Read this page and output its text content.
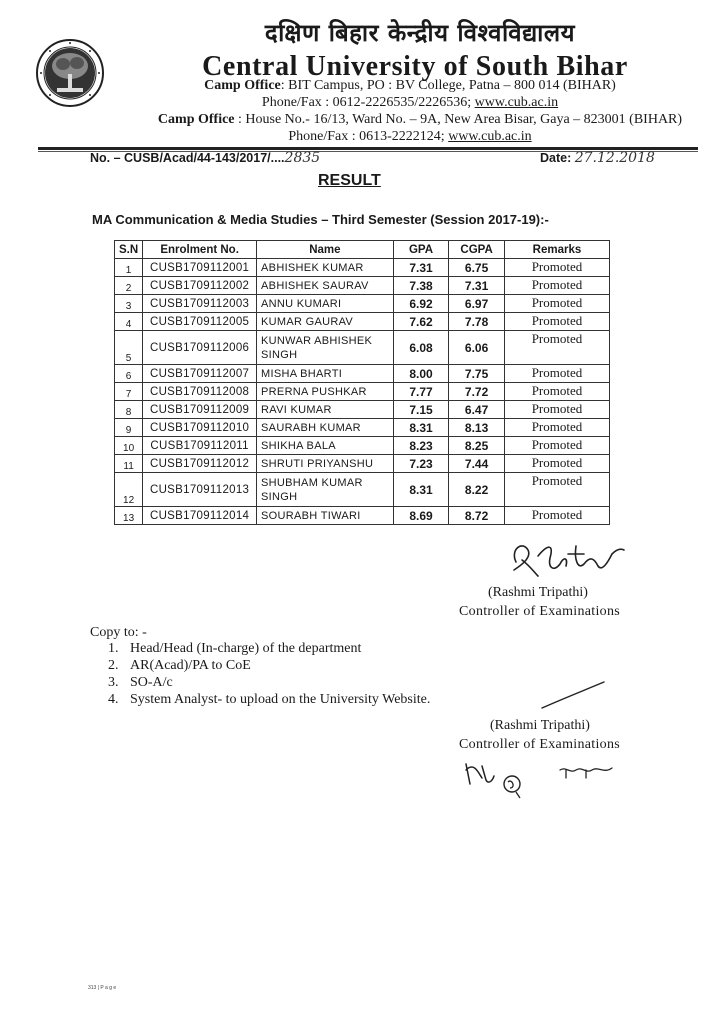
दक्षिण बिहार केन्द्रीय विश्वविद्यालय
Central University of South Bihar
Camp Office: BIT Campus, PO : BV College, Patna – 800 014 (BIHAR)
Phone/Fax : 0612-2226535/2226536; www.cub.ac.in
Camp Office : House No.- 16/13, Ward No. – 9A, New Area Bisar, Gaya – 823001 (BIHAR)
Phone/Fax : 0613-2222124; www.cub.ac.in
No. – CUSB/Acad/44-143/2017/....2835	Date: 27.12.2018
RESULT
MA Communication & Media Studies – Third Semester (Session 2017-19):-
S.N	Enrolment No.	Name	GPA	CGPA	Remarks
1	CUSB1709112001	ABHISHEK KUMAR	7.31	6.75	Promoted
2	CUSB1709112002	ABHISHEK SAURAV	7.38	7.31	Promoted
3	CUSB1709112003	ANNU KUMARI	6.92	6.97	Promoted
4	CUSB1709112005	KUMAR GAURAV	7.62	7.78	Promoted
5	CUSB1709112006	KUNWAR ABHISHEK SINGH	6.08	6.06	Promoted
6	CUSB1709112007	MISHA BHARTI	8.00	7.75	Promoted
7	CUSB1709112008	PRERNA PUSHKAR	7.77	7.72	Promoted
8	CUSB1709112009	RAVI KUMAR	7.15	6.47	Promoted
9	CUSB1709112010	SAURABH KUMAR	8.31	8.13	Promoted
10	CUSB1709112011	SHIKHA BALA	8.23	8.25	Promoted
11	CUSB1709112012	SHRUTI PRIYANSHU	7.23	7.44	Promoted
12	CUSB1709112013	SHUBHAM KUMAR SINGH	8.31	8.22	Promoted
13	CUSB1709112014	SOURABH TIWARI	8.69	8.72	Promoted
(Rashmi Tripathi)
Controller of Examinations
Copy to: -
1. Head/Head (In-charge) of the department
2. AR(Acad)/PA to CoE
3. SO-A/c
4. System Analyst- to upload on the University Website.
(Rashmi Tripathi)
Controller of Examinations
313 | P a g e
